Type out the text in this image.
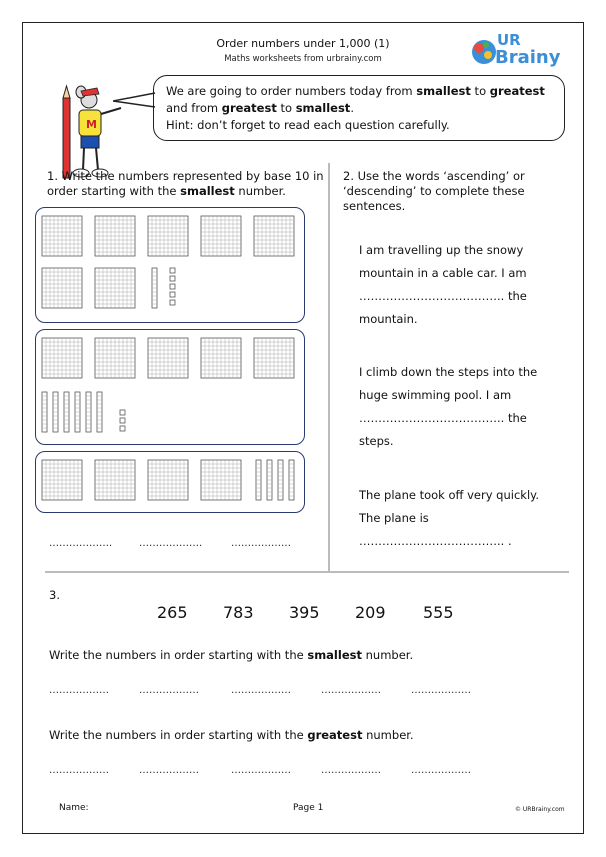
Order numbers under 1,000 (1)
Maths worksheets from urbrainy.com
UR
Brainy
M
We are going to order numbers today from smallest to greatest
and from greatest to smallest.
Hint: don’t forget to read each question carefully.
1. Write the numbers represented by base 10 in order starting with the smallest number.
……………….	……………….	………………
2. Use the words ‘ascending’ or ‘descending’ to complete these sentences.
I am travelling up the snowy
mountain in a cable car. I am
……………………………….. the
mountain.
I climb down the steps into the
huge swimming pool. I am
……………………………….. the
steps.
The plane took off very quickly.
The plane is
……………………………….. .
3.
265 783 395 209 555
Write the numbers in order starting with the smallest number.
………………	………………	………………	………………	………………
Write the numbers in order starting with the greatest number.
………………	………………	………………	………………	………………
Name:	Page 1	© URBrainy.com
